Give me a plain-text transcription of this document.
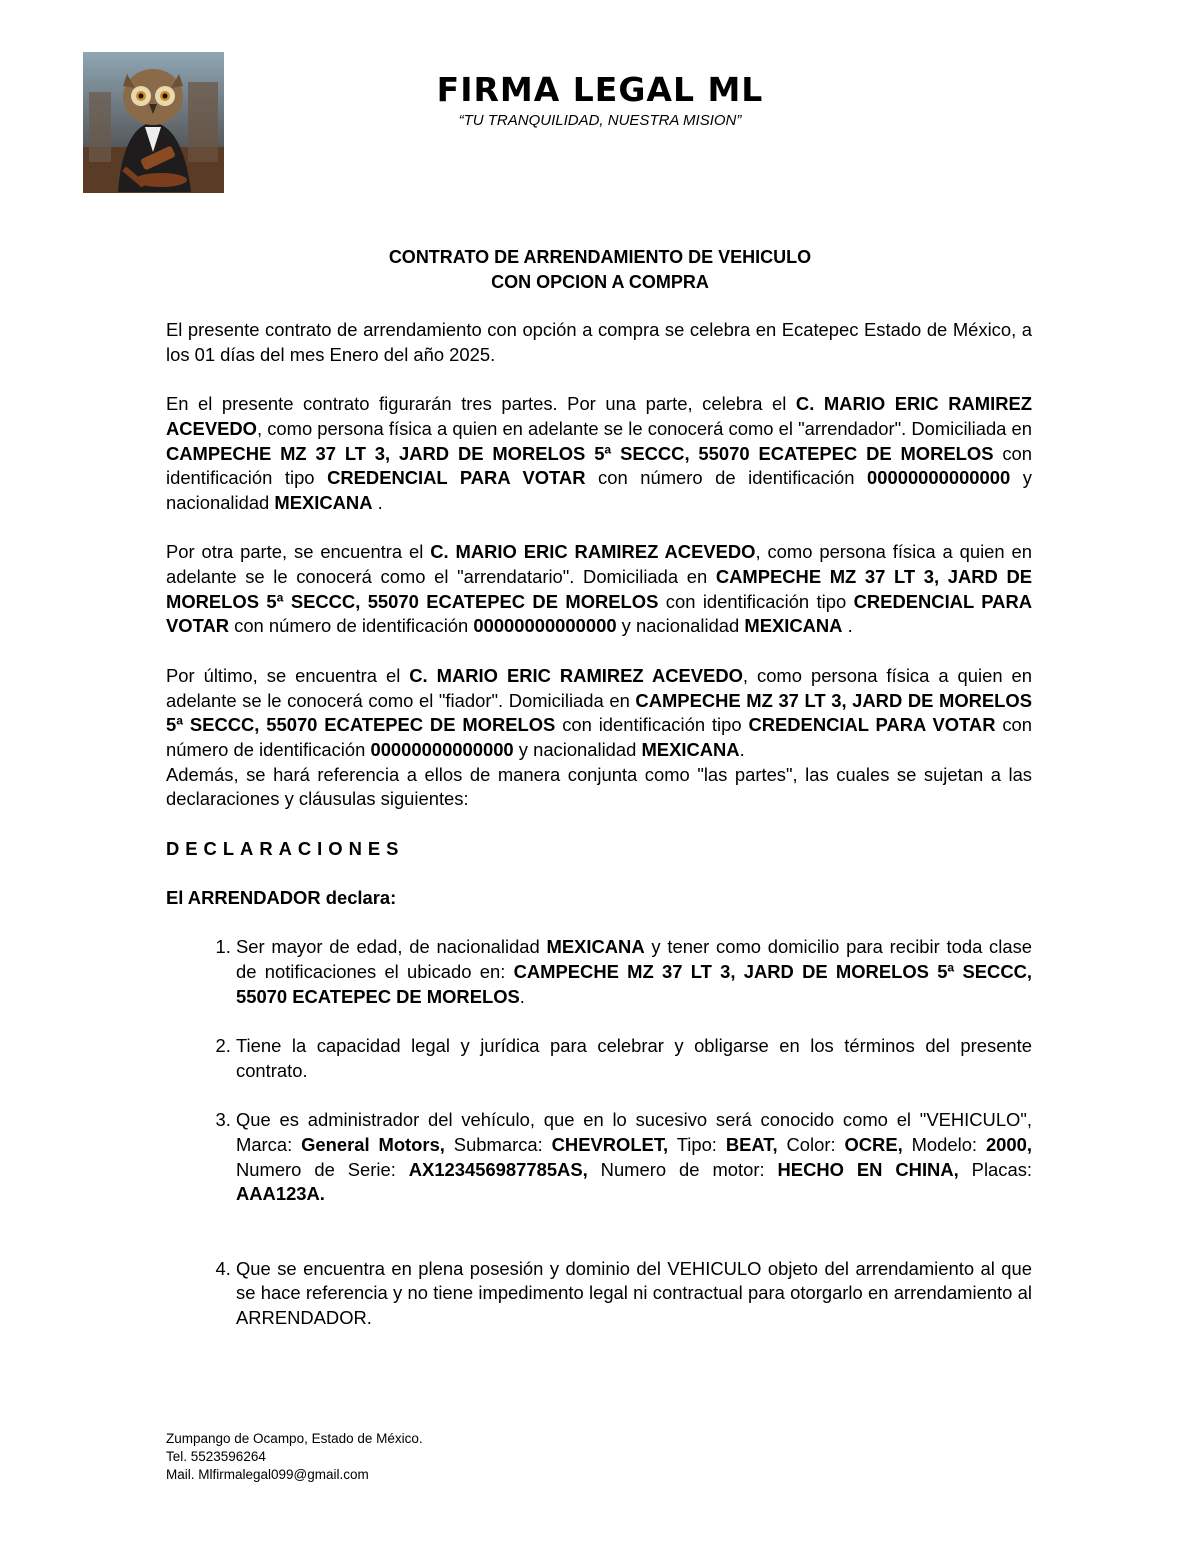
FIRMA LEGAL ML
“TU TRANQUILIDAD, NUESTRA MISION”
CONTRATO DE ARRENDAMIENTO DE VEHICULO
CON OPCION A COMPRA

El presente contrato de arrendamiento con opción a compra se celebra en Ecatepec Estado de México, a los 01 días del mes Enero del año 2025.

En el presente contrato figurarán tres partes. Por una parte, celebra el C. MARIO ERIC RAMIREZ ACEVEDO, como persona física a quien en adelante se le conocerá como el "arrendador". Domiciliada en CAMPECHE MZ 37 LT 3, JARD DE MORELOS 5ª SECCC, 55070 ECATEPEC DE MORELOS con identificación tipo CREDENCIAL PARA VOTAR con número de identificación 00000000000000 y nacionalidad MEXICANA .

Por otra parte, se encuentra el C. MARIO ERIC RAMIREZ ACEVEDO, como persona física a quien en adelante se le conocerá como el "arrendatario". Domiciliada en CAMPECHE MZ 37 LT 3, JARD DE MORELOS 5ª SECCC, 55070 ECATEPEC DE MORELOS con identificación tipo CREDENCIAL PARA VOTAR con número de identificación 00000000000000 y nacionalidad MEXICANA .

Por último, se encuentra el C. MARIO ERIC RAMIREZ ACEVEDO, como persona física a quien en adelante se le conocerá como el "fiador". Domiciliada en CAMPECHE MZ 37 LT 3, JARD DE MORELOS 5ª SECCC, 55070 ECATEPEC DE MORELOS con identificación tipo CREDENCIAL PARA VOTAR con número de identificación 00000000000000 y nacionalidad MEXICANA.

Además, se hará referencia a ellos de manera conjunta como "las partes", las cuales se sujetan a las declaraciones y cláusulas siguientes:

DECLARACIONES

El ARRENDADOR declara:

1. Ser mayor de edad, de nacionalidad MEXICANA y tener como domicilio para recibir toda clase de notificaciones el ubicado en: CAMPECHE MZ 37 LT 3, JARD DE MORELOS 5ª SECCC, 55070 ECATEPEC DE MORELOS.
2. Tiene la capacidad legal y jurídica para celebrar y obligarse en los términos del presente contrato.
3. Que es administrador del vehículo, que en lo sucesivo será conocido como el "VEHICULO", Marca: General Motors, Submarca: CHEVROLET, Tipo: BEAT, Color: OCRE, Modelo: 2000, Numero de Serie: AX123456987785AS, Numero de motor: HECHO EN CHINA, Placas: AAA123A.
4. Que se encuentra en plena posesión y dominio del VEHICULO objeto del arrendamiento al que se hace referencia y no tiene impedimento legal ni contractual para otorgarlo en arrendamiento al ARRENDADOR.
Zumpango de Ocampo, Estado de México.
Tel. 5523596264
Mail. Mlfirmalegal099@gmail.com
